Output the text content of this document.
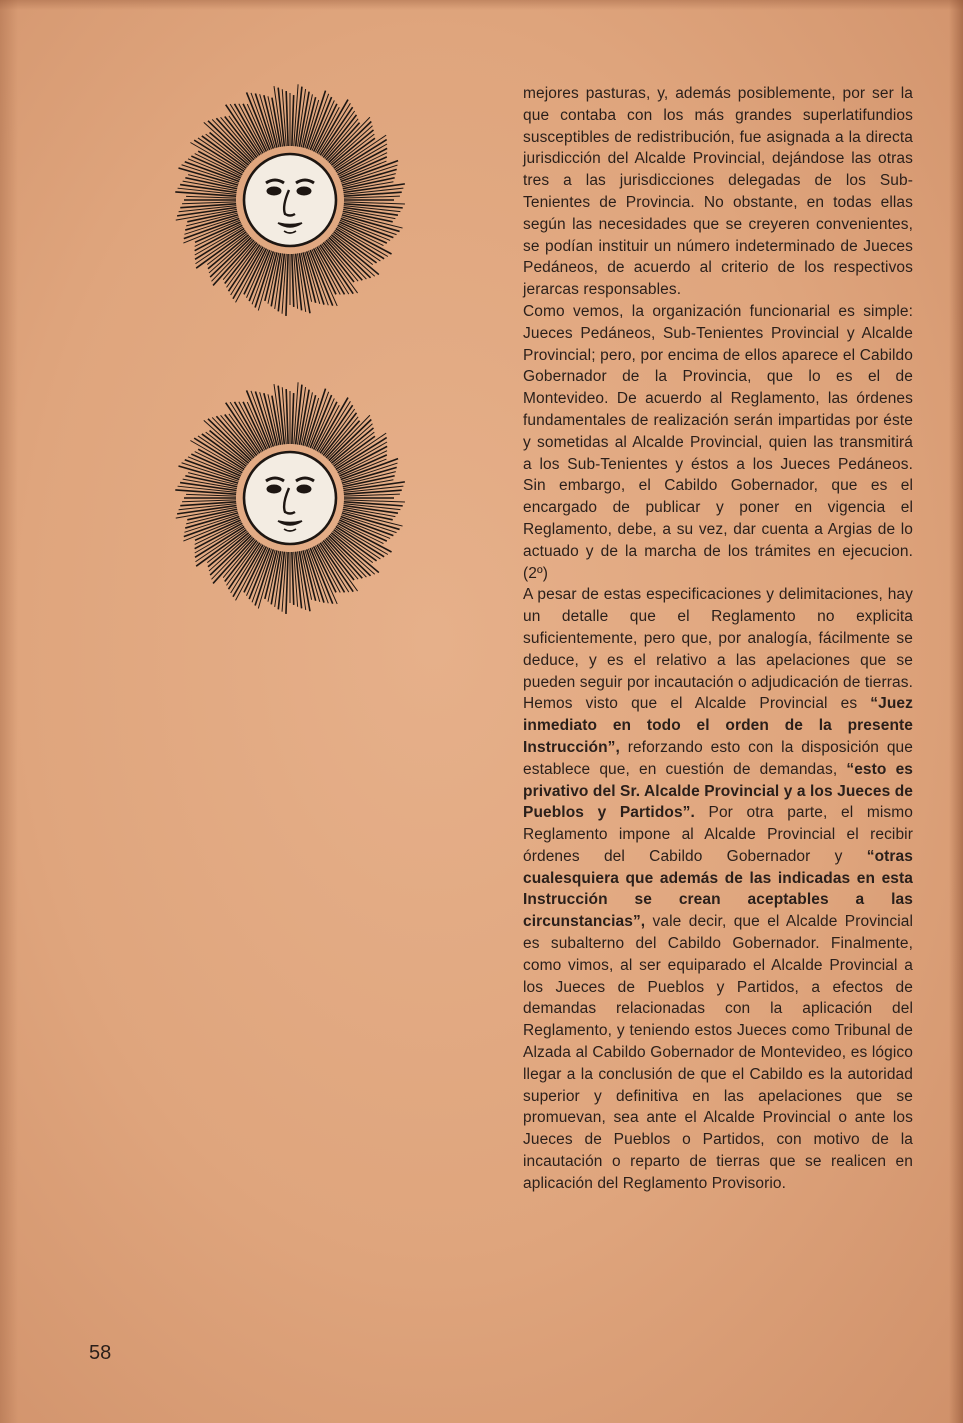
mejores pasturas, y, además posiblemente, por ser la que contaba con los más grandes superlatifundios susceptibles de redistribución, fue asignada a la directa jurisdicción del Alcalde Provincial, dejándose las otras tres a las jurisdicciones delegadas de los Sub-Tenientes de Provincia. No obstante, en todas ellas según las necesidades que se creyeren convenientes, se podían instituir un número indeterminado de Jueces Pedáneos, de acuerdo al criterio de los respectivos jerarcas responsables.

Como vemos, la organización funcionarial es simple: Jueces Pedáneos, Sub-Tenientes Provincial y Alcalde Provincial; pero, por encima de ellos aparece el Cabildo Gobernador de la Provincia, que lo es el de Montevideo. De acuerdo al Reglamento, las órdenes fundamentales de realización serán impartidas por éste y sometidas al Alcalde Provincial, quien las transmitirá a los Sub-Tenientes y éstos a los Jueces Pedáneos. Sin embargo, el Cabildo Gobernador, que es el encargado de publicar y poner en vigencia el Reglamento, debe, a su vez, dar cuenta a Argias de lo actuado y de la marcha de los trámites en ejecucion. (2º)

A pesar de estas especificaciones y delimitaciones, hay un detalle que el Reglamento no explicita suficientemente, pero que, por analogía, fácilmente se deduce, y es el relativo a las apelaciones que se pueden seguir por incautación o adjudicación de tierras. Hemos visto que el Alcalde Provincial es “Juez inmediato en todo el orden de la presente Instrucción”, reforzando esto con la disposición que establece que, en cuestión de demandas, “esto es privativo del Sr. Alcalde Provincial y a los Jueces de Pueblos y Partidos”. Por otra parte, el mismo Reglamento impone al Alcalde Provincial el recibir órdenes del Cabildo Gobernador y “otras cualesquiera que además de las indicadas en esta Instrucción se crean aceptables a las circunstancias”, vale decir, que el Alcalde Provincial es subalterno del Cabildo Gobernador. Finalmente, como vimos, al ser equiparado el Alcalde Provincial a los Jueces de Pueblos y Partidos, a efectos de demandas relacionadas con la aplicación del Reglamento, y teniendo estos Jueces como Tribunal de Alzada al Cabildo Gobernador de Montevideo, es lógico llegar a la conclusión de que el Cabildo es la autoridad superior y definitiva en las apelaciones que se promuevan, sea ante el Alcalde Provincial o ante los Jueces de Pueblos o Partidos, con motivo de la incautación o reparto de tierras que se realicen en aplicación del Reglamento Provisorio.

58
